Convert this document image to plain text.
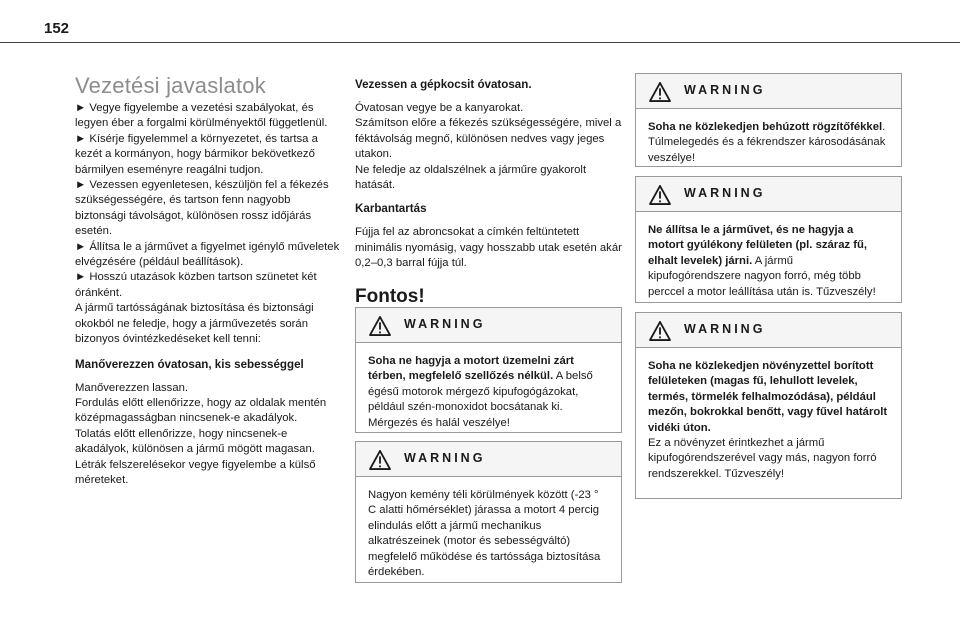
152
Vezetési javaslatok

► Vegye figyelembe a vezetési szabályokat, és legyen éber a forgalmi körülményektől függetlenül.

► Kísérje figyelemmel a környezetet, és tartsa a kezét a kormányon, hogy bármikor bekövetkező bármilyen eseményre reagálni tudjon.

► Vezessen egyenletesen, készüljön fel a fékezés szükségességére, és tartson fenn nagyobb biztonsági távolságot, különösen rossz időjárás esetén.

► Állítsa le a járművet a figyelmet igénylő műveletek elvégzésére (például beállítások).

► Hosszú utazások közben tartson szünetet két óránként.

A jármű tartósságának biztosítása és biztonsági okokból ne feledje, hogy a járművezetés során bizonyos óvintézkedéseket kell tenni:

Manőverezzen óvatosan, kis sebességgel

Manőverezzen lassan.

Fordulás előtt ellenőrizze, hogy az oldalak mentén középmagasságban nincsenek-e akadályok.

Tolatás előtt ellenőrizze, hogy nincsenek-e akadályok, különösen a jármű mögött magasan. Létrák felszerelésekor vegye figyelembe a külső méreteket.

Vezessen a gépkocsit óvatosan.

Óvatosan vegye be a kanyarokat.

Számítson előre a fékezés szükségességére, mivel a féktávolság megnő, különösen nedves vagy jeges utakon.

Ne feledje az oldalszélnek a járműre gyakorolt hatását.

Karbantartás

Fújja fel az abroncsokat a címkén feltüntetett minimális nyomásig, vagy hosszabb utak esetén akár 0,2–0,3 barral fújja túl.

Fontos!
WARNING

Soha ne hagyja a motort üzemelni zárt térben, megfelelő szellőzés nélkül. A belső égésű motorok mérgező kipufogógázokat, például szén-monoxidot bocsátanak ki. Mérgezés és halál veszélye!

WARNING

Nagyon kemény téli körülmények között (-23 ° C alatti hőmérséklet) járassa a motort 4 percig elindulás előtt a jármű mechanikus alkatrészeinek (motor és sebességváltó) megfelelő működése és tartóssága biztosítása érdekében.

WARNING

Soha ne közlekedjen behúzott rögzítőfékkel. Túlmelegedés és a fékrendszer károsodásának veszélye!

WARNING

Ne állítsa le a járművet, és ne hagyja a motort gyúlékony felületen (pl. száraz fű, elhalt levelek) járni. A jármű kipufogórendszere nagyon forró, még több perccel a motor leállítása után is. Tűzveszély!

WARNING

Soha ne közlekedjen növényzettel borított felületeken (magas fű, lehullott levelek, termés, törmelék felhalmozódása), például mezőn, bokrokkal benőtt, vagy fűvel határolt vidéki úton.

Ez a növényzet érintkezhet a jármű kipufogórendszerével vagy más, nagyon forró rendszerekkel. Tűzveszély!
